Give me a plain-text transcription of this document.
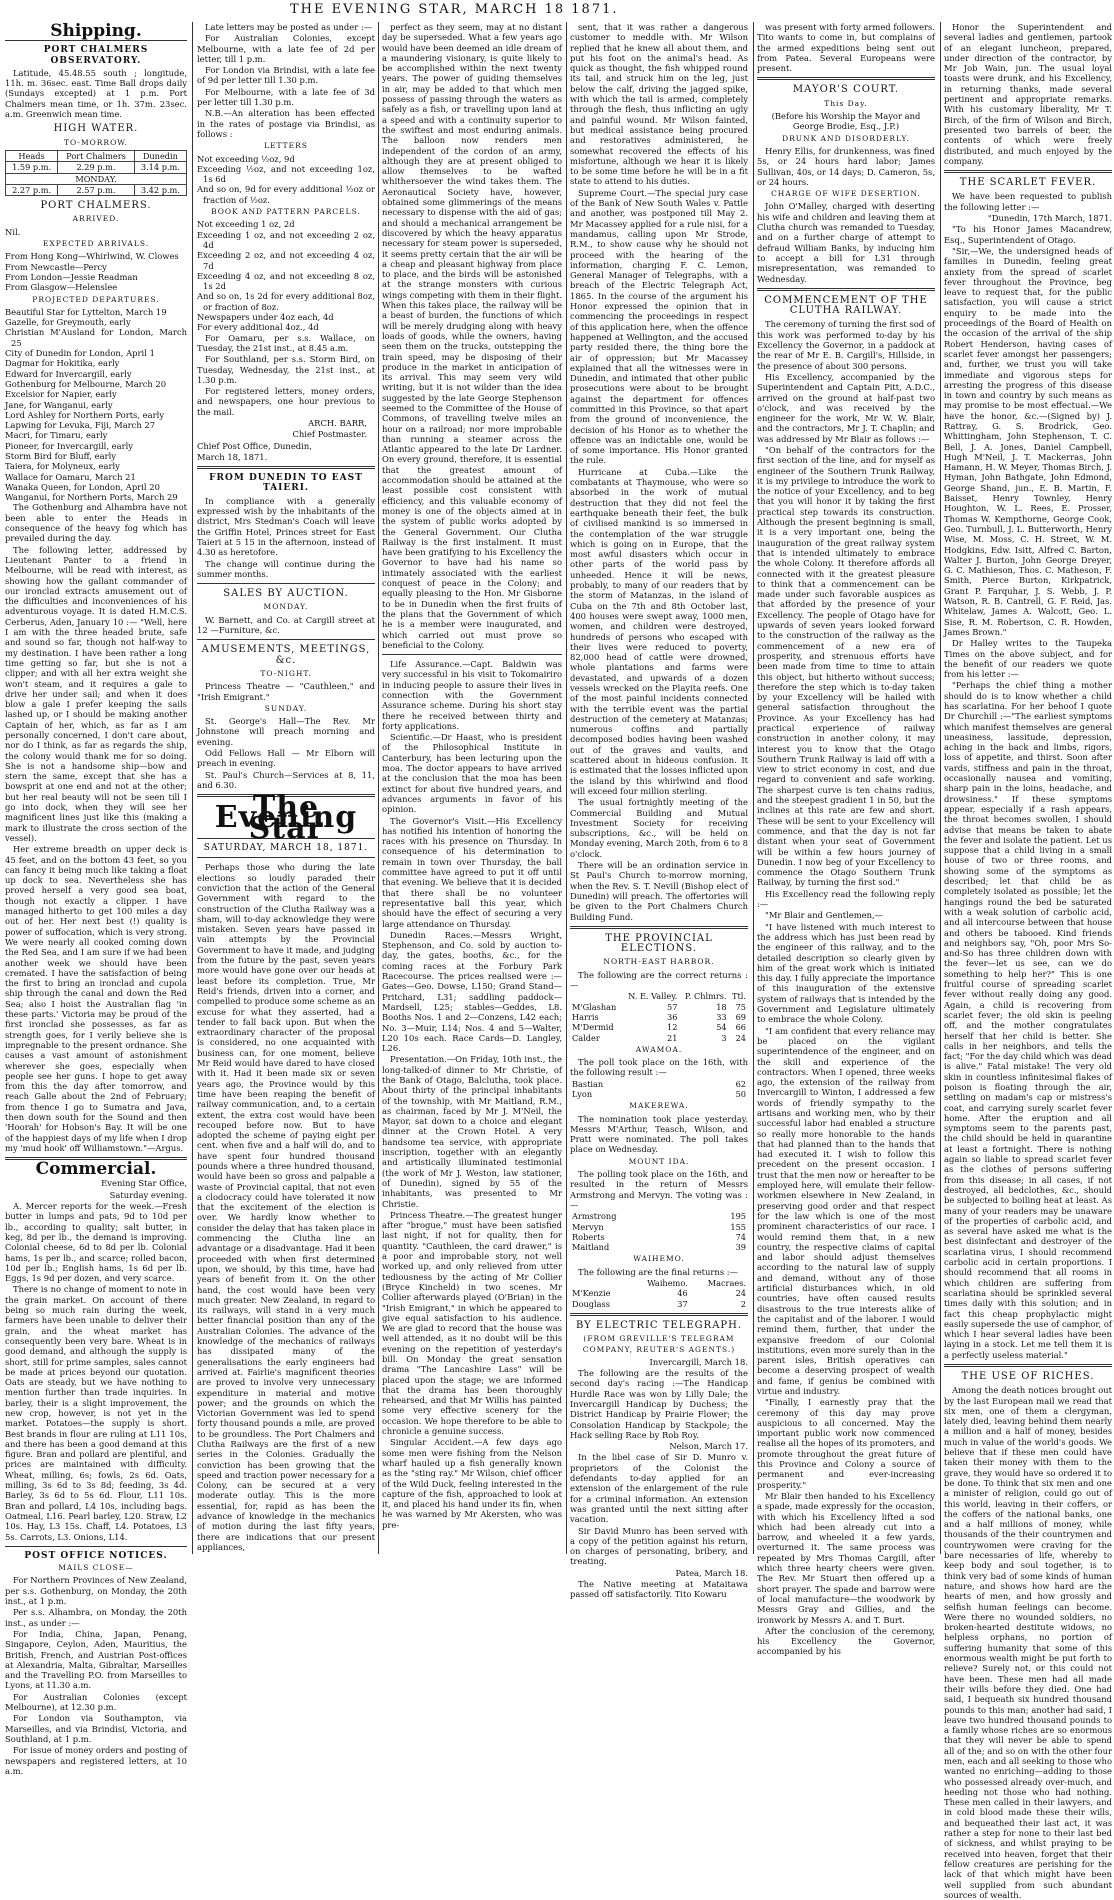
THE EVENING STAR, MARCH 18 1871.
Shipping.
PORT CHALMERS OBSERVATORY.

Latitude, 45.48.55 south ; longitude, 11h. m. 36sec. east. Time Ball drops daily (Sundays excepted) at 1 p.m. Port Chalmers mean time, or 1h. 37m. 23sec. a.m. Greenwich mean time.

HIGH WATER.
TO-MORROW.
Heads	Port Chalmers	Dunedin
1.59 p.m.	2.29 p.m.	3.14 p.m.
MONDAY.		
2.27 p.m.	2.57 p.m.	3.42 p.m.
PORT CHALMERS.
ARRIVED.

Nil.

EXPECTED ARRIVALS.
From Hong Kong—Whirlwind, W. Clowes
From Newcastle—Percy
From London—Jessie Readman
From Glasgow—Helenslee
PROJECTED DEPARTURES.
Beautiful Star for Lyttelton, March 19
Gazelle, for Greymouth, early
Christian M'Ausland for London, March 25
City of Dunedin for London, April 1
Dagmar for Hokitika, early
Edward for Invercargill, early
Gothenburg for Melbourne, March 20
Excelsior for Napier, early
Jane, for Wanganui, early
Lord Ashley for Northern Ports, early
Lapwing for Levuka, Fiji, March 27
Macri, for Timaru, early
Pioneer, for Invercargill, early
Storm Bird for Bluff, early
Taiera, for Molyneux, early
Wallace for Oamaru, March 21
Wanaka Queen, for London, April 20
Wanganui, for Northern Ports, March 29

The Gothenburg and Alhambra have not been able to enter the Heads in consequence of the heavy fog which has prevailed during the day.

The following letter, addressed by Lieutenant Panter to a friend in Melbourne, will be read with interest, as showing how the gallant commander of our ironclad extracts amusement out of the difficulties and inconveniences of his adventurous voyage. It is dated H.M.C.S. Cerberus, Aden, January 10 :— "Well, here I am with the three headed brute, safe and sound so far, though not half-way to my destination. I have been rather a long time getting so far, but she is not a clipper; and with all her extra weight she won't steam, and it requires a gale to drive her under sail; and when it does blow a gale I prefer keeping the sails lashed up, or I should be making another Captain of her, which, as far as I am personally concerned, I don't care about, nor do I think, as far as regards the ship, the colony would thank me for so doing. She is not a handsome ship—bow and stern the same, except that she has a bowsprit at one end and not at the other; but her real beauty will not be seen till I go into dock, when they will see her magnificent lines just like this (making a mark to illustrate the cross section of the vessel).

Her extreme breadth on upper deck is 45 feet, and on the bottom 43 feet, so you can fancy it being much like taking a float up dock to sea. Nevertheless she has proved herself a very good sea boat, though not exactly a clipper. I have managed hitherto to get 100 miles a day out of her. Her next best (!) quality is power of suffocation, which is very strong. We were nearly all cooked coming down the Red Sea, and I am sure if we had been another week we should have been cremated. I have the satisfaction of being the first to bring an ironclad and cupola ship through the canal and down the Red Sea; also I hoist the Australian flag 'in these parts.' Victoria may be proud of the first ironclad she possesses, as far as strength goes, for I verily believe she is impregnable to the present ordnance. She causes a vast amount of astonishment wherever she goes, especially when people see her guns. I hope to get away from this the day after tomorrow, and reach Galle about the 2nd of February; from thence I go to Sumatra and Java, then down south for the Sound and then 'Hoorah' for Hobson's Bay. It will be one of the happiest days of my life when I drop my 'mud hook' off Williamstown."—Argus.

Commercial.

Evening Star Office,

Saturday evening.

A. Mercer reports for the week.—Fresh butter in lumps and pats, 9d to 10d per lb., according to quality; salt butter, in keg, 8d per lb., the demand is improving. Colonial cheese, 6d to 8d per lb. Colonial hams, 1s per lb., and scarce; rolled bacon, 10d per lb.; English hams, 1s 6d per lb. Eggs, 1s 9d per dozen, and very scarce.

There is no change of moment to note in the grain market. On account of there being so much rain during the week, farmers have been unable to deliver their grain, and the wheat market has consequently been very bare. Wheat is in good demand, and although the supply is short, still for prime samples, sales cannot be made at prices beyond our quotation. Oats are steady, but we have nothing to mention further than trade inquiries. In barley, their is a slight improvement, the new crop, however, is not yet in the market. Potatoes—the supply is short. Best brands in flour are ruling at L11 10s, and there has been a good demand at this figure. Bran and pollard are plentiful, and prices are maintained with difficulty. Wheat, milling, 6s; fowls, 2s 6d. Oats, milling, 3s 6d to 3s 8d; feeding, 3s 4d. Barley, 3s 6d to 5s 6d. Flour, L11 10s. Bran and pollard, L4 10s, including bags. Oatmeal, L16. Pearl barley, L20. Straw, L2 10s. Hay, L3 15s. Chaff, L4. Potatoes, L3 5s. Carrots, L3. Onions, L14.

POST OFFICE NOTICES.
MAILS CLOSE—

For Northern Provinces of New Zealand, per s.s. Gothenburg, on Monday, the 20th inst., at 1 p.m.

Per s.s. Alhambra, on Monday, the 20th inst., as under :—

For India, China, Japan, Penang, Singapore, Ceylon, Aden, Mauritius, the British, French, and Austrian Post-offices at Alexandria, Malta, Gibraltar, Marseilles and the Travelling P.O. from Marseilles to Lyons, at 11.30 a.m.

For Australian Colonies (except Melbourne), at 12.30 p.m.

For London via Southampton, via Marseilles, and via Brindisi, Victoria, and Southland, at 1 p.m.

For issue of money orders and posting of newspapers and registered letters, at 10 a.m.

Late letters may be posted as under :—

For Australian Colonies, except Melbourne, with a late fee of 2d per letter, till 1 p.m.

For London via Brindisi, with a late fee of 9d per letter till 1.30 p.m.

For Melbourne, with a late fee of 3d per letter till 1.30 p.m.

N.B.—An alteration has been effected in the rates of postage via Brindisi, as follows :

LETTERS
Not exceeding ½oz, 9d
Exceeding ½oz, and not exceeding 1oz, 1s 6d
And so on, 9d for every additional ½oz or fraction of ½oz.
BOOK AND PATTERN PARCELS.
Not exceeding 1 oz, 2d
Exceeding 1 oz, and not exceeding 2 oz, 4d
Exceeding 2 oz, and not exceeding 4 oz, 7d
Exceeding 4 oz, and not exceeding 8 oz, 1s 2d
And so on, 1s 2d for every additional 8oz, or fraction of 8oz.
Newspapers under 4oz each, 4d
For every additional 4oz., 4d

For Oamaru, per s.s. Wallace, on Tuesday, the 21st inst., at 8.45 a.m.

For Southland, per s.s. Storm Bird, on Tuesday, Wednesday, the 21st inst., at 1.30 p.m.

For registered letters, money orders, and newspapers, one hour previous to the mail.

ARCH. BARR,

Chief Postmaster.

Chief Post Office, Dunedin,

March 18, 1871.

FROM DUNEDIN TO EAST TAIERI.

In compliance with a generally expressed wish by the inhabitants of the district, Mrs Stedman's Coach will leave the Griffin Hotel, Princes street for East Taieri at 5 15 in the afternoon, instead of 4.30 as heretofore.

The change will continue during the summer months.

SALES BY AUCTION.
MONDAY.

W. Barnett, and Co. at Cargill street at 12 —Furniture, &c.

AMUSEMENTS, MEETINGS, &c.
TO-NIGHT.

Princess Theatre — "Cauthleen," and "Irish Emigrant."

SUNDAY.

St. George's Hall—The Rev. Mr Johnstone will preach morning and evening.

Odd Fellows Hall — Mr Elborn will preach in evening.

St. Paul's Church—Services at 8, 11, and 6.30.

The Evening Star
SATURDAY, MARCH 18, 1871.

Perhaps those who during the late elections so loudly paraded their conviction that the action of the General Government with regard to the construction of the Clutha Railway was a sham, will to-day acknowledge they were mistaken. Seven years have passed in vain attempts by the Provincial Government to have it made, and judging from the future by the past, seven years more would have gone over our heads at least before its completion. True, Mr Reid's friends, driven into a corner, and compelled to produce some scheme as an excuse for what they asserted, had a tender to fall back upon. But when the extraordinary character of the proposal is considered, no one acquainted with business can, for one moment, believe Mr Reid would have dared to have closed with it. Had it been made six or seven years ago, the Province would by this time have been reaping the benefit of railway communication, and, to a certain extent, the extra cost would have been recouped before now. But to have adopted the scheme of paying eight per cent. when five and a half will do, and to have spent four hundred thousand pounds where a three hundred thousand, would have been so gross and palpable a waste of Provincial capital, that not even a clodocracy could have tolerated it now that the excitement of the election is over. We hardly know whether to consider the delay that has taken place in commencing the Clutha line an advantage or a disadvantage. Had it been proceeded with when first determined upon, we should, by this time, have had years of benefit from it. On the other hand, the cost would have been very much greater. New Zealand, in regard to its railways, will stand in a very much better financial position than any of the Australian Colonies. The advance of the knowledge of the mechanics of railways has dissipated many of the generalisations the early engineers had arrived at. Fairlie's magnificent theories are proved to involve very unnecessary expenditure in material and motive power; and the grounds on which the Victorian Government was led to spend forty thousand pounds a mile, are proved to be groundless. The Port Chalmers and Clutha Railways are the first of a new series in the Colonies. Gradually the conviction has been growing that the speed and traction power necessary for a Colony, can be secured at a very moderate outlay. This is the more essential, for, rapid as has been the advance of knowledge in the mechanics of motion during the last fifty years, there are indications that our present appliances,

perfect as they seem, may at no distant day be superseded. What a few years ago would have been deemed an idle dream of a maundering visionary, is quite likely to be accomplished within the next twenty years. The power of guiding themselves in air, may be added to that which men possess of passing through the waters as safely as a fish, or travelling upon land at a speed and with a continuity superior to the swiftest and most enduring animals. The balloon now renders men independent of the cordon of an army, although they are at present obliged to allow themselves to be wafted whithersoever the wind takes them. The Aeronautical Society have, however, obtained some glimmerings of the means necessary to dispense with the aid of gas; and should a mechanical arrangement be discovered by which the heavy apparatus necessary for steam power is superseded, it seems pretty certain that the air will be a cheap and pleasant highway from place to place, and the birds will be astonished at the strange monsters with curious wings competing with them in their flight. When this takes place, the railway will be a beast of burden, the functions of which will be merely drudging along with heavy loads of goods, while the owners, having seen them on the trucks, outstepping the train speed, may be disposing of their produce in the market in anticipation of its arrival. This may seem very wild writing, but it is not wilder than the idea suggested by the late George Stephenson seemed to the Committee of the House of Commons, of travelling twelve miles an hour on a railroad; nor more improbable than running a steamer across the Atlantic appeared to the late Dr Lardner. On every ground, therefore, it is essential that the greatest amount of accommodation should be attained at the least possible cost consistent with efficiency, and this valuable economy of money is one of the objects aimed at in the system of public works adopted by the General Government. Our Clutha Railway is the first instalment. It must have been gratifying to his Excellency the Governor to have had his name so intimately associated with the earliest conquest of peace in the Colony; and equally pleasing to the Hon. Mr Gisborne to be in Dunedin when the first fruits of the plans that the Government of which he is a member were inaugurated, and which carried out must prove so beneficial to the Colony.

Life Assurance.—Capt. Baldwin was very successful in his visit to Tokomairiro in inducing people to assure their lives in connection with the Government Assurance scheme. During his short stay there he received between thirty and forty applications.

Scientific.—Dr Haast, who is president of the Philosophical Institute in Canterbury, has been lecturing upon the moa. The doctor appears to have arrived at the conclusion that the moa has been extinct for about five hundred years, and advances arguments in favor of his opinion.

The Governor's Visit.—His Excellency has notified his intention of honoring the races with his presence on Thursday. In consequence of his determination to remain in town over Thursday, the ball committee have agreed to put it off until that evening. We believe that it is decided that there shall be no volunteer representative ball this year, which should have the effect of securing a very large attendance on Thursday.

Dunedin Races.—Messrs Wright, Stephenson, and Co. sold by auction to-day, the gates, booths, &c., for the coming races at the Forbury Park Racecourse. The prices realised were :—Gates—Geo. Dowse, L150; Grand Stand—Pritchard, L31; saddling paddock—Mardsell, L25; stables—Geddes, L8. Booths Nos. 1 and 2—Conzens, L42 each; No. 3—Muir, L14; Nos. 4 and 5—Walter, L20 10s each. Race Cards—D. Langley, L26.

Presentation.—On Friday, 10th inst., the long-talked-of dinner to Mr Christie, of the Bank of Otago, Balclutha, took place. About thirty of the principal inhabitants of the township, with Mr Maitland, R.M., as chairman, faced by Mr J. M'Neil, the Mayor, sat down to a choice and elegant dinner at the Crown Hotel. A very handsome tea service, with appropriate inscription, together with an elegantly and artistically illuminated testimonial (the work of Mr J. Weston, law stationer, of Dunedin), signed by 55 of the inhabitants, was presented to Mr Christie.

Princess Theatre.—The greatest hunger after "brogue," must have been satisfied last night, if not for quality, then for quantity. "Cauthleen, the card drawer," is a poor and improbable story, not well worked up, and only relieved from utter tediousness by the acting of Mr Collier (Bryce Kincheld) in two scenes. Mr Collier afterwards played (O'Brian) in the "Irish Emigrant," in which he appeared to give equal satisfaction to his audience. We are glad to record that the house was well attended, as it no doubt will be this evening on the repetition of yesterday's bill. On Monday the great sensation drama "The Lancashire Lass" will be placed upon the stage; we are informed that the drama has been thoroughly rehearsed, and that Mr Willis has painted some very effective scenery for the occasion. We hope therefore to be able to chronicle a genuine success.

Singular Accident.—A few days ago some men were fishing from the Nelson wharf hauled up a fish generally known as the "sting ray." Mr Wilson, chief officer of the Wild Duck, feeling interested in the capture of the fish, approached to look at it, and placed his hand under its fin, when he was warned by Mr Akersten, who was pre-

sent, that it was rather a dangerous customer to meddle with. Mr Wilson replied that he knew all about them, and put his foot on the animal's head. As quick as thought, the fish whipped round its tail, and struck him on the leg, just below the calf, driving the jagged spike, with which the tail is armed, completely through the flesh, thus inflicting an ugly and painful wound. Mr Wilson fainted, but medical assistance being procured and restoratives administered, he somewhat recovered the effects of his misfortune, although we hear it is likely to be some time before he will be in a fit state to attend to his duties.

Supreme Court.—The special jury case of the Bank of New South Wales v. Pattle and another, was postponed till May 2. Mr Macassey applied for a rule nisi, for a mandamus, calling upon Mr Strode, R.M., to show cause why he should not proceed with the hearing of the information, charging F. C. Lemon, General Manager of Telegraphs, with a breach of the Electric Telegraph Act, 1865. In the course of the argument his Honor expressed the opinion that in commencing the proceedings in respect of this application here, when the offence happened at Wellington, and the accused party resided there, the thing bore the air of oppression; but Mr Macassey explained that all the witnesses were in Dunedin, and intimated that other public prosecutions were about to be brought against the department for offences committed in this Province, so that apart from the ground of inconvenience, the decision of his Honor as to whether the offence was an indictable one, would be of some importance. His Honor granted the rule.

Hurricane at Cuba.—Like the combatants at Thaymouse, who were so absorbed in the work of mutual destruction that they did not feel the earthquake beneath their feet, the bulk of civilised mankind is so immersed in the contemplation of the war struggle which is going on in Europe, that the most awful disasters which occur in other parts of the world pass by unheeded. Hence it will be news, probably, to many of our readers that by the storm of Matanzas, in the island of Cuba on the 7th and 8th October last, 400 houses were swept away, 1000 men, women, and children were destroyed, hundreds of persons who escaped with their lives were reduced to poverty, 82,000 head of cattle were drowned, whole plantations and farms were devastated, and upwards of a dozen vessels wrecked on the Playita reefs. One of the most painful incidents connected with the terrible event was the partial destruction of the cemetery at Matanzas; numerous coffins and partially decomposed bodies having been washed out of the graves and vaults, and scattered about in hideous confusion. It is estimated that the losses inflicted upon the island by this whirlwind and flood will exceed four million sterling.

The usual fortnightly meeting of the Commercial Building and Mutual Investment Society for receiving subscriptions, &c., will be held on Monday evening, March 20th, from 6 to 8 o'clock.

There will be an ordination service in St Paul's Church to-morrow morning, when the Rev. S. T. Nevill (Bishop elect of Dunedin) will preach. The offertories will be given to the Port Chalmers Church Building Fund.

THE PROVINCIAL ELECTIONS.
NORTH-EAST HARBOR.

The following are the correct returns :—

	N. E. Valley.	P. Chlmrs.	Ttl.
M'Glashan	57	18	75
Harris	36	33	69
M'Dermid	12	54	66
Calder	21	3	24
AWAMOA.

The poll took place on the 16th, with the following result :—

Bastian	62
Lyon	50
MAKEREWA.

The nomination took place yesterday. Messrs M'Arthur, Teasch, Wilson, and Pratt were nominated. The poll takes place on Wednesday.

MOUNT IDA.

The polling took place on the 16th, and resulted in the return of Messrs Armstrong and Mervyn. The voting was :—

Armstrong	195
Mervyn	155
Roberts	74
Maitland	39
WAIHEMO.

The following are the final returns :—

	Waihemo.	Macraes.
M'Kenzie	46	24
Douglass	37	2
BY ELECTRIC TELEGRAPH.
(FROM GREVILLE'S TELEGRAM COMPANY, REUTER'S AGENTS.)

Invercargill, March 18.

The following are the results of the second day's racing :—The Handicap Hurdle Race was won by Lilly Dale; the Invercargill Handicap by Duchess; the District Handicap by Prairie Flower; the Consolation Handicap by Stackpole; the Hack selling Race by Rob Roy.

Nelson, March 17.

In the libel case of Sir D. Munro v. proprietors of the Colonist the defendants to-day applied for an extension of the enlargement of the rule for a criminal information. An extension was granted until the next sitting after vacation.

Sir David Munro has been served with a copy of the petition against his return, on charges of personating, bribery, and treating.

Patea, March 18.

The Native meeting at Mataitawa passed off satisfactorily. Tito Kowaru

was present with forty armed followers. Tito wants to come in, but complains of the armed expeditions being sent out from Patea. Several Europeans were present.

MAYOR'S COURT.
This Day.

(Before his Worship the Mayor and George Brodie, Esq., J.P.)

DRUNK AND DISORDERLY.

Henry Ellis, for drunkenness, was fined 5s, or 24 hours hard labor; James Sullivan, 40s, or 14 days; D. Cameron, 5s, or 24 hours.

CHARGE OF WIFE DESERTION.

John O'Malley, charged with deserting his wife and children and leaving them at Clutha church was remanded to Tuesday, and on a further charge of attempt to defraud William Banks, by inducing him to accept a bill for L31 through misrepresentation, was remanded to Wednesday.

COMMENCEMENT OF THE CLUTHA RAILWAY.

The ceremony of turning the first sod of this work was performed to-day by his Excellency the Governor, in a paddock at the rear of Mr E. B. Cargill's, Hillside, in the presence of about 300 persons.

His Excellency, accompanied by the Superintendent and Captain Pitt, A.D.C., arrived on the ground at half-past two o'clock, and was received by the engineer for the work, Mr W. W. Blair, and the contractors, Mr J. T. Chaplin; and was addressed by Mr Blair as follows :—

"On behalf of the contractors for the first section of the line, and for myself as engineer of the Southern Trunk Railway, it is my privilege to introduce the work to the notice of your Excellency, and to beg that you will honor it by taking the first practical step towards its construction. Although the present beginning is small, it is a very important one, being the inauguration of the great railway system that is intended ultimately to embrace the whole Colony. It therefore affords all connected with it the greatest pleasure to think that a commencement can be made under such favorable auspices as that afforded by the presence of your Excellency. The people of Otago have for upwards of seven years looked forward to the construction of the railway as the commencement of a new era of prosperity, and strenuous efforts have been made from time to time to attain this object, but hitherto without success; therefore the step which is to-day taken by your Excellency will be hailed with general satisfaction throughout the Province. As your Excellency has had practical experience of railway construction in another colony, it may interest you to know that the Otago Southern Trunk Railway is laid off with a view to strict economy in cost, and due regard to convenient and safe working. The sharpest curve is ten chains radius, and the steepest gradient 1 in 50, but the inclines at this rate are few and short. These will be sent to your Excellency will commence, and that the day is not far distant when your seat of Government will be within a few hours journey of Dunedin. I now beg of your Excellency to commence the Otago Southern Trunk Railway, by turning the first sod."

His Excellency read the following reply :—

"Mr Blair and Gentlemen,—

"I have listened with much interest to the address which has just been read by the engineer of this railway, and to the detailed description so clearly given by him of the great work which is initiated this day. I fully appreciate the importance of this inauguration of the extensive system of railways that is intended by the Government and Legislature ultimately to embrace the whole Colony.

"I am confident that every reliance may be placed on the vigilant superintendence of the engineer, and on the skill and experience of the contractors. When I opened, three weeks ago, the extension of the railway from Invercargill to Winton, I addressed a few words of friendly sympathy to the artisans and working men, who by their successful labor had enabled a structure so really more honorable to the hands that had planned than to the hands that had executed it. I wish to follow this precedent on the present occasion. I trust that the men now or hereafter to be employed here, will emulate their fellow-workmen elsewhere in New Zealand, in preserving good order and that respect for the law which is one of the most prominent characteristics of our race. I would remind them that, in a new country, the respective claims of capital and labor should adjust themselves according to the natural law of supply and demand, without any of those artificial disturbances which, in old countries, have often caused results disastrous to the true interests alike of the capitalist and of the laborer. I would remind them, further, that under the expansive freedom of our Colonial institutions, even more surely than in the parent isles, British operatives can become a deserving prospect of wealth and fame, if genius be combined with virtue and industry.

"Finally, I earnestly pray that the ceremony of this day may prove auspicious to all concerned. May the important public work now commenced realise all the hopes of its promoters, and promote throughout the great future of this Province and Colony a source of permanent and ever-increasing prosperity."

Mr Blair then handed to his Excellency a spade, made expressly for the occasion, with which his Excellency lifted a sod which had been already cut into a barrow, and wheeled it a few yards, overturned it. The same process was repeated by Mrs Thomas Cargill, after which three hearty cheers were given. The Rev. Mr Stuart then offered up a short prayer. The spade and barrow were of local manufacture—the woodwork by Messrs Gray and Gillies, and the ironwork by Messrs A. and T. Burt.

After the conclusion of the ceremony, his Excellency the Governor, accompanied by his

Honor the Superintendent and several ladies and gentlemen, partook of an elegant luncheon, prepared, under direction of the contractor, by Mr Job Wain, jun. The usual loyal toasts were drunk, and his Excellency, in returning thanks, made several pertinent and appropriate remarks. With his customary liberality, Mr T. Birch, of the firm of Wilson and Birch, presented two barrels of beer, the contents of which were freely distributed, and much enjoyed by the company.

THE SCARLET FEVER.

We have been requested to publish the following letter :—

"Dunedin, 17th March, 1871.

"To his Honor James Macandrew, Esq., Superintendent of Otago.

"Sir,—We, the undersigned heads of families in Dunedin, feeling great anxiety from the spread of scarlet fever throughout the Province, beg leave to request that, for the public satisfaction, you will cause a strict enquiry to be made into the proceedings of the Board of Health on the occasion of the arrival of the ship Robert Henderson, having cases of scarlet fever amongst her passengers; and, further, we trust you will take immediate and vigorous steps for arresting the progress of this disease in town and country by such means as may promise to be most effectual.—We have the honor, &c.—(Signed by) J. Rattray, G. S. Brodrick, Geo. Whittingham, John Stephenson, T. C. Bell, J. A. Jones, Daniel Campbell, Hugh M'Neil, J. T. Mackerras, John Hamann, H. W. Meyer, Thomas Birch, J. Hyman, John Bathgate, John Edmond, George Shand, jun., E. B. Martin, F. Baisset, Henry Townley, Henry Houghton, W. L. Rees, E. Prosser, Thomas W. Kempthorne, George Cook, Geo. Turnbull, J. L. Butterworth, Henry Wise, M. Moss, C. H. Street, W. M. Hodgkins, Edw. Isitt, Alfred C. Barton, Walter J. Burton, John George Dreyer, G. C. Mathieson, Thos. C. Matheson, F. Smith, Pierce Burton, Kirkpatrick, Grant P. Farquhar, J. S. Webb, J. P. Watson, R. B. Cantrell, G. F. Reid, Jas. Whitelaw, James A. Walcott, Geo. L. Sise, R. M. Robertson, C. R. Howden, James Brown."

Dr Halley writes to the Taupeka Times on the above subject, and for the benefit of our readers we quote from his letter :—

"Perhaps the chief thing a mother should do is to know whether a child has scarlatina. For her behoof I quote Dr Churchill :—"The earliest symptoms which manifest themselves are general uneasiness, lassitude, depression, aching in the back and limbs, rigors, loss of appetite, and thirst. Soon after vards, stiffness and pain in the throat, occasionally nausea and vomiting, sharp pain in the loins, headache, and drowsiness." If these symptoms appear, especially if a rash appears, the throat becomes swollen, I should advise that means be taken to abate the fever and isolate the patient. Let us suppose that a child living in a small house of two or three rooms, and showing some of the symptoms as described; let that child be as completely isolated as possible; let the hangings round the bed be saturated with a weak solution of carbolic acid, and all intercourse between that house and others be tabooed. Kind friends and neighbors say, "Oh, poor Mrs So-and-So has three children down with the fever—let us see, can we do something to help her?" This is one fruitful course of spreading scarlet fever without really doing any good. Again, a child is recovering from scarlet fever; the old skin is peeling off, and the mother congratulates herself that her child is better. She calls in her neighbors, and tells the fact; "For the day child which was dead is alive." Fatal mistake! The very old skin in countless infinitesimal flakes of poison is floating through the air, settling on madam's cap or mistress's coat, and carrying surely scarlet fever home. After the eruption and all symptoms seem to the parents past, the child should be held in quarantine at least a fortnight. There is nothing again so liable to spread scarlet fever as the clothes of persons suffering from this disease; in all cases, if not destroyed, all bedclothes, &c., should be subjected to boiling heat at least. As many of your readers may be unaware of the properties of carbolic acid, and as several have asked me what is the best disinfectant and destroyer of the scarlatina virus, I should recommend carbolic acid in certain proportions. I should recommend that all rooms in which children are suffering from scarlatina should be sprinkled several times daily with this solution; and in fact this cheap prophylactic might easily supersede the use of camphor, of which I hear several ladies have been laying in a stock. Let me tell them it is a perfectly useless material."

THE USE OF RICHES.

Among the death notices brought out by the last European mail we read that six men, one of them a clergyman, lately died, leaving behind them nearly a million and a half of money, besides much in value of the world's goods. We believe that if these men could have taken their money with them to the grave, they would have so ordered it to be done. To think that six men and one a minister of religion, could go out of this world, leaving in their coffers, or the coffers of the national banks, one and a half millions of money, while thousands of the their countrymen and countrywomen were craving for the bare necessaries of life, whereby to keep body and soul together, is to think very bad of some kinds of human nature, and shows how hard are the hearts of men, and how grossly and selfish human feelings can become. Were there no wounded soldiers, no broken-hearted destitute widows, no helpless orphans, no portion of suffering humanity that some of this enormous wealth might be put forth to relieve? Surely not, or this could not have been. These men had all made their wills before they died. One had said, I bequeath six hundred thousand pounds to this man; another had said, I leave two hundred thousand pounds to a family whose riches are so enormous that they will never be able to spend all of the; and so on with the other four men, each and all seeking to those who wanted no enriching—adding to those who possessed already over-much, and heeding not those who had nothing. These men called in their lawyers, and in cold blood made these their wills, and bequeathed their last act, it was rather a step for none to their last bed of sickness, and whilst praying to be received into heaven, forget that their fellow creatures are perishing for the lack of that which might have been well supplied from such abundant sources of wealth.
